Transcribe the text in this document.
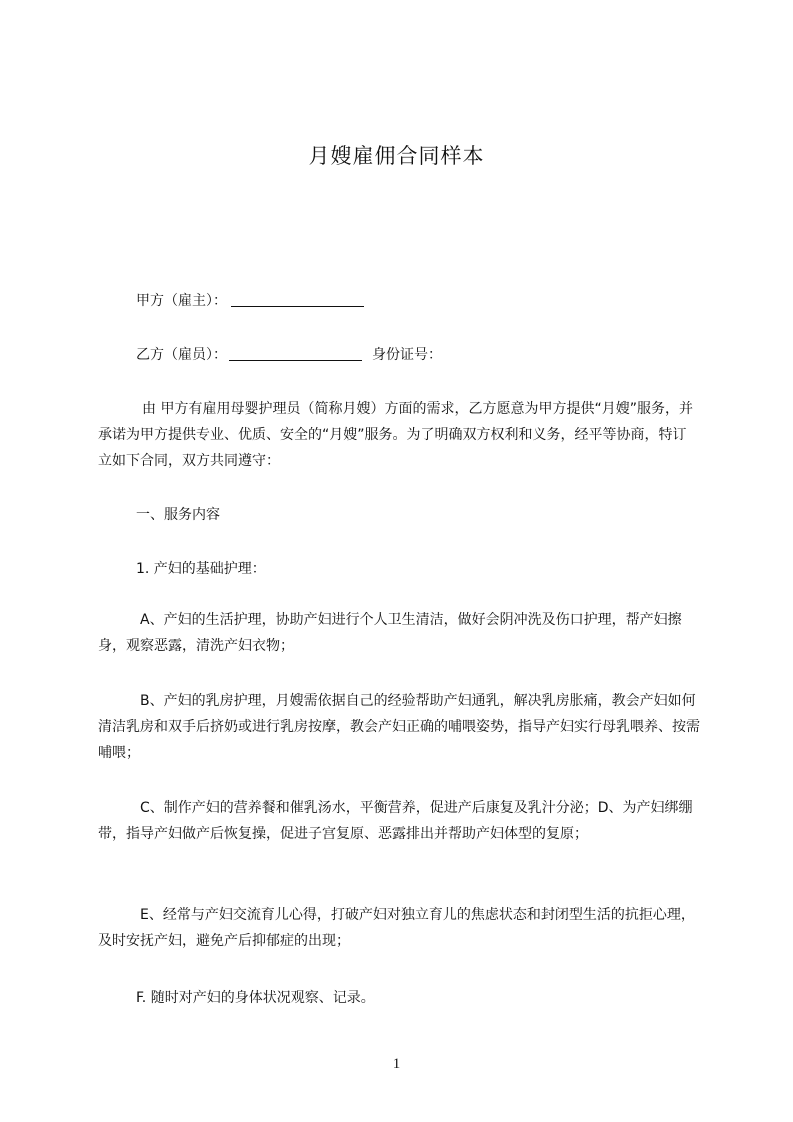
月嫂雇佣合同样本
甲方（雇主）：
乙方（雇员）：	身份证号：
由 甲方有雇用母婴护理员（简称月嫂）方面的需求，乙方愿意为甲方提供“月嫂”服务，并承诺为甲方提供专业、优质、安全的“月嫂”服务。为了明确双方权利和义务，经平等协商，特订立如下合同，双方共同遵守：
一、服务内容
1. 产妇的基础护理：
A、产妇的生活护理，协助产妇进行个人卫生清洁，做好会阴冲洗及伤口护理，帮产妇擦身，观察恶露，清洗产妇衣物；
B、产妇的乳房护理，月嫂需依据自己的经验帮助产妇通乳，解决乳房胀痛，教会产妇如何清洁乳房和双手后挤奶或进行乳房按摩，教会产妇正确的哺喂姿势，指导产妇实行母乳喂养、按需哺喂；
C、制作产妇的营养餐和催乳汤水，平衡营养，促进产后康复及乳汁分泌；D、为产妇绑绷带，指导产妇做产后恢复操，促进子宫复原、恶露排出并帮助产妇体型的复原；
E、经常与产妇交流育儿心得，打破产妇对独立育儿的焦虑状态和封闭型生活的抗拒心理，及时安抚产妇，避免产后抑郁症的出现；
F. 随时对产妇的身体状况观察、记录。
1
